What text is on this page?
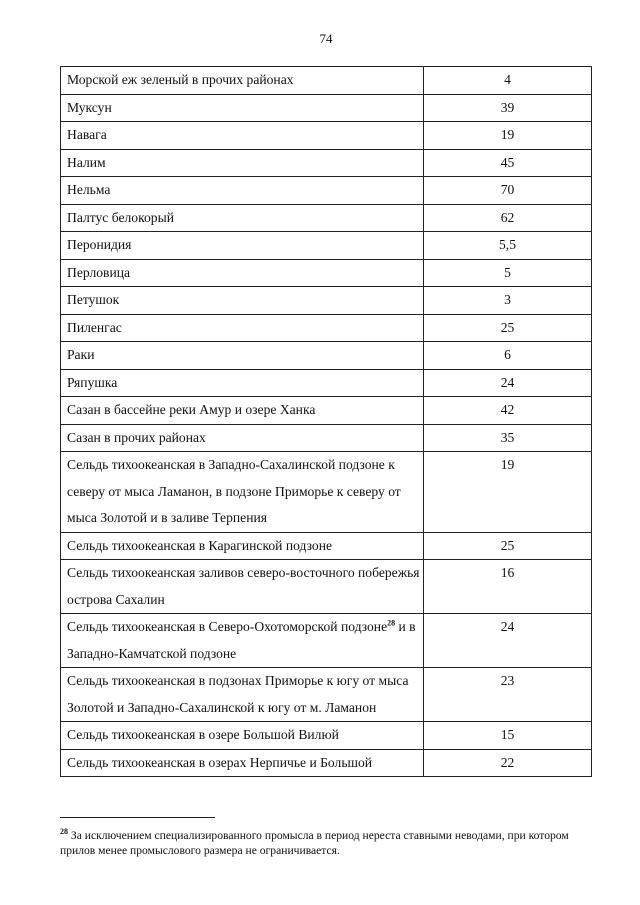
74
Морской еж зеленый в прочих районах	4
Муксун	39
Навага	19
Налим	45
Нельма	70
Палтус белокорый	62
Перонидия	5,5
Перловица	5
Петушок	3
Пиленгас	25
Раки	6
Ряпушка	24
Сазан в бассейне реки Амур и озере Ханка	42
Сазан в прочих районах	35
Сельдь тихоокеанская в Западно-Сахалинской подзоне к северу от мыса Ламанон, в подзоне Приморье к северу от мыса Золотой и в заливе Терпения	19
Сельдь тихоокеанская в Карагинской подзоне	25
Сельдь тихоокеанская заливов северо-восточного побережья острова Сахалин	16
Сельдь тихоокеанская в Северо-Охотоморской подзоне$^{28}$ и в Западно-Камчатской подзоне	24
Сельдь тихоокеанская в подзонах Приморье к югу от мыса Золотой и Западно-Сахалинской к югу от м. Ламанон	23
Сельдь тихоокеанская в озере Большой Вилюй	15
Сельдь тихоокеанская в озерах Нерпичье и Большой	22
$^{28}$ За исключением специализированного промысла в период нереста ставными неводами, при котором прилов менее промыслового размера не ограничивается.
